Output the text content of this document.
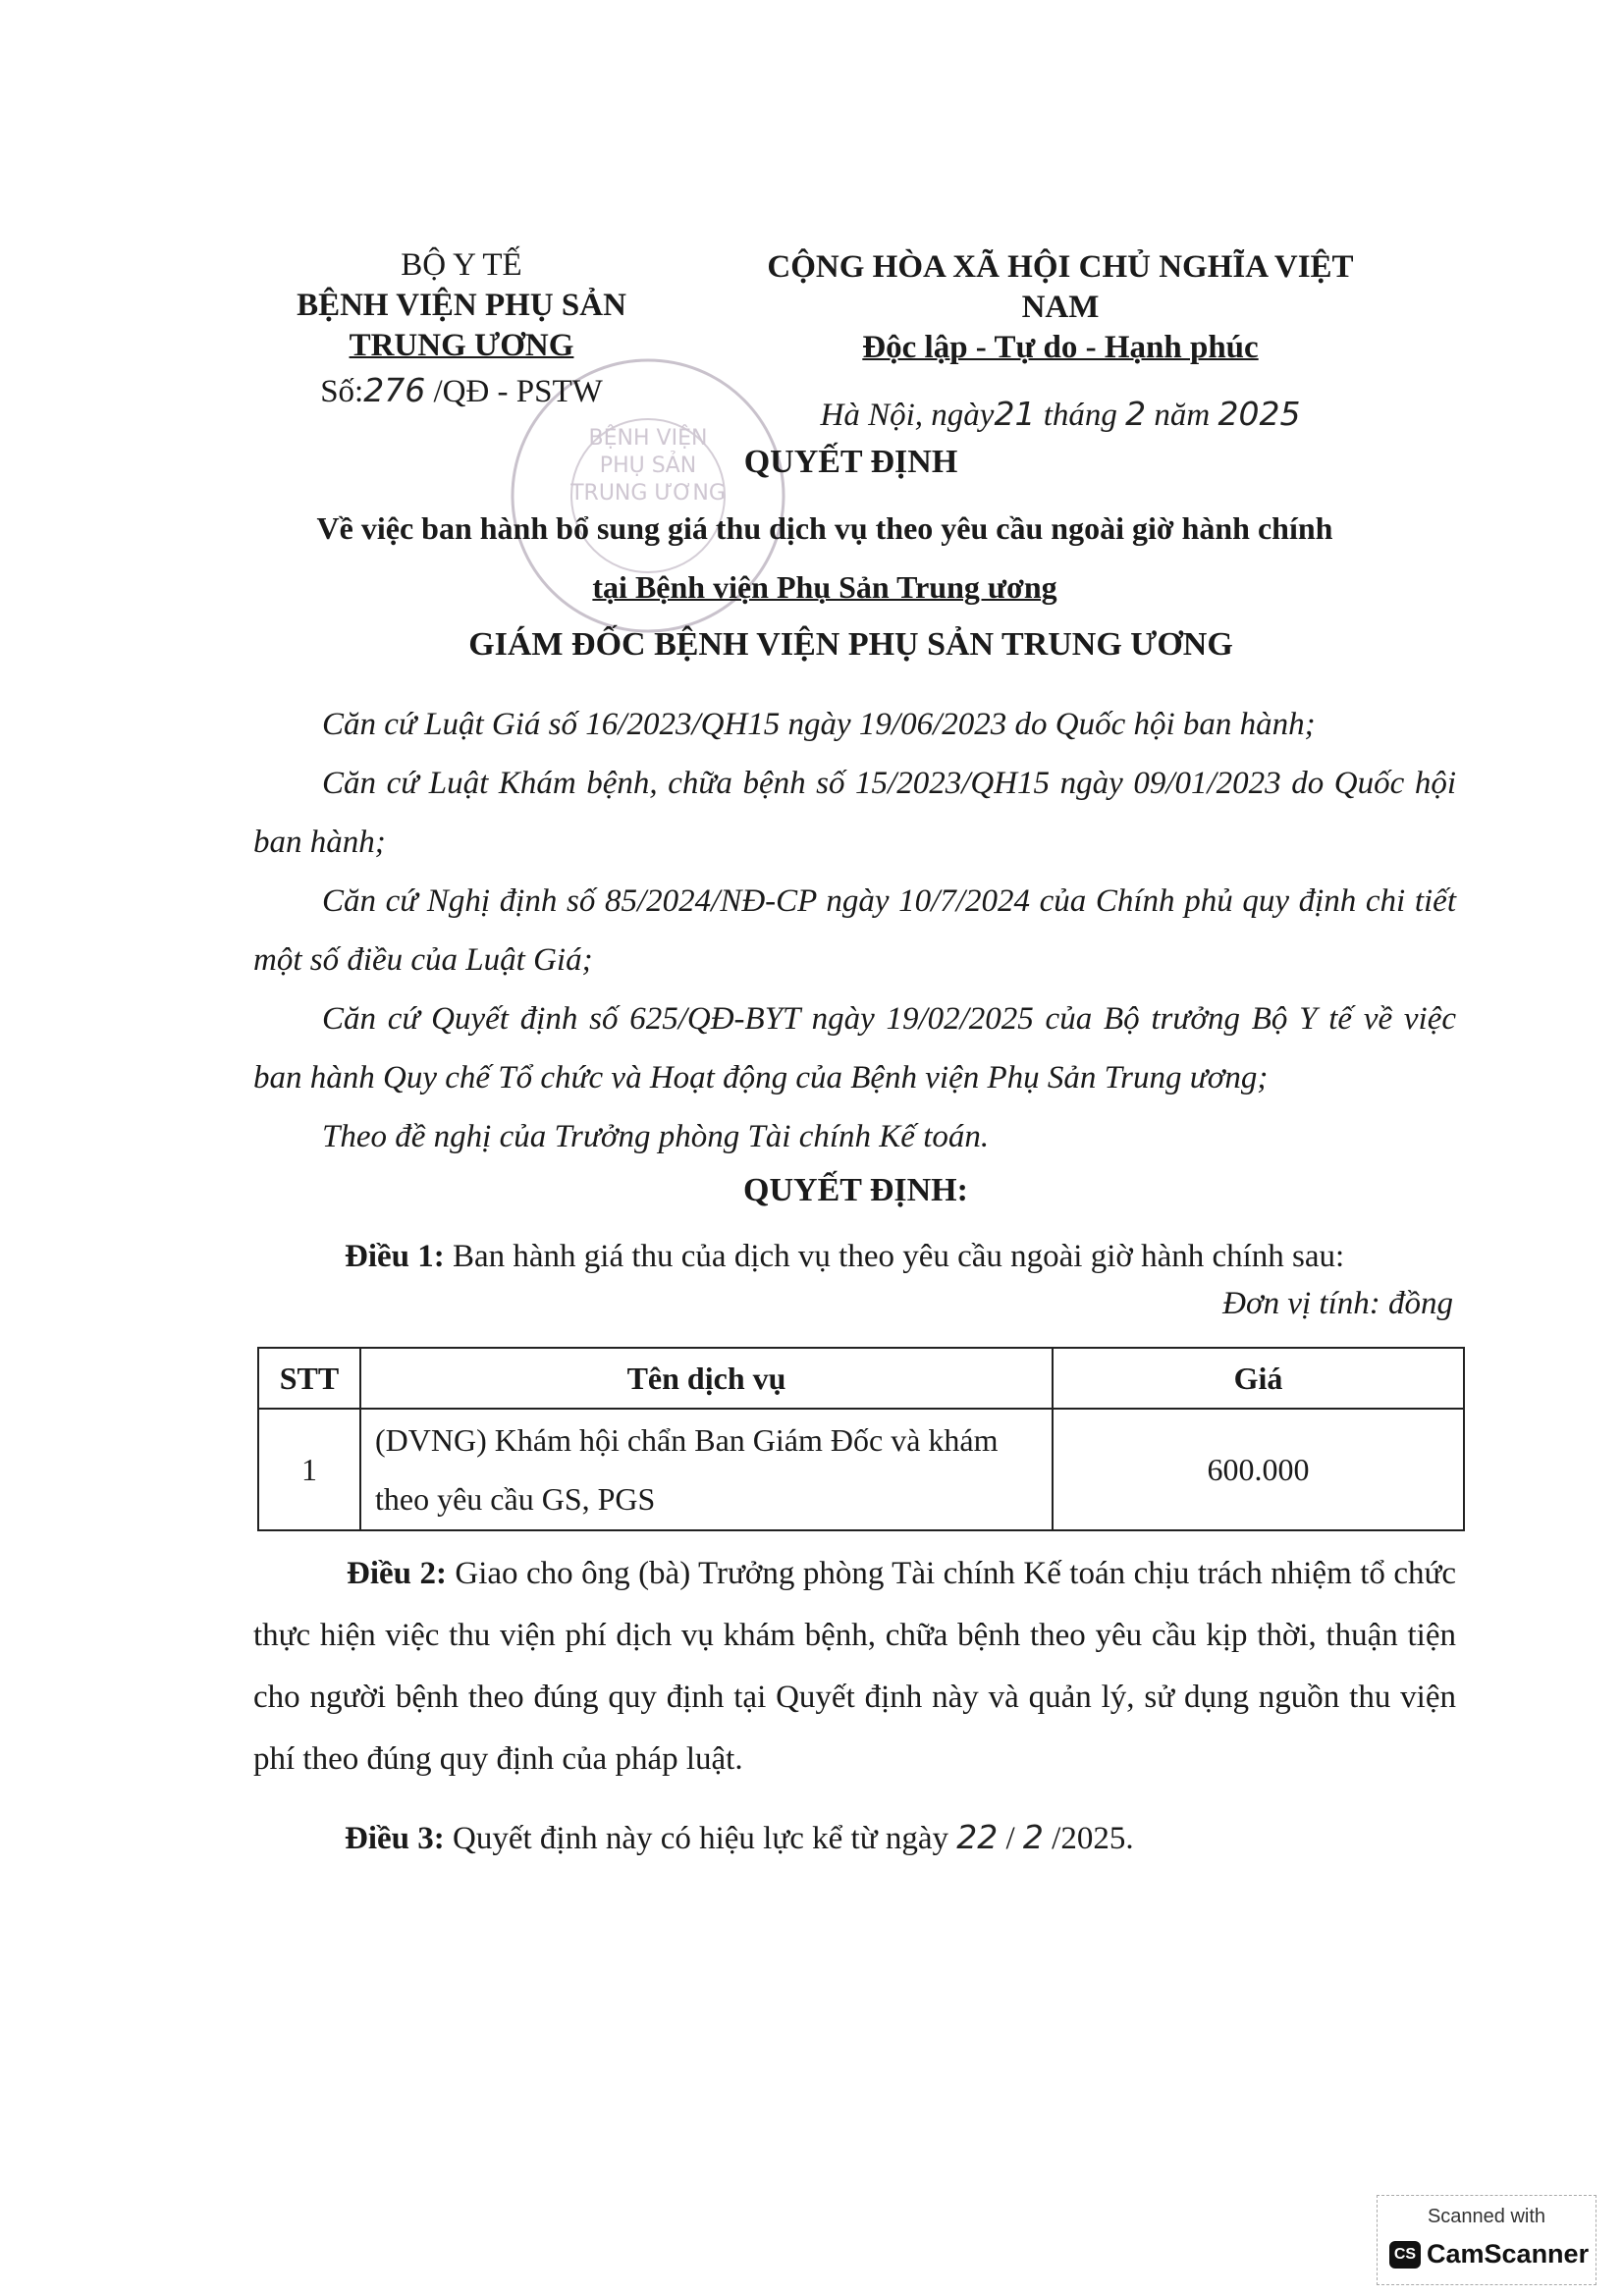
BỆNH VIỆN
PHỤ SẢN
TRUNG ƯƠNG
BỘ Y TẾ
BỆNH VIỆN PHỤ SẢN
TRUNG ƯƠNG
Số:276 /QĐ - PSTW
CỘNG HÒA XÃ HỘI CHỦ NGHĨA VIỆT NAM
Độc lập - Tự do - Hạnh phúc
Hà Nội, ngày21 tháng 2 năm 2025
QUYẾT ĐỊNH
Về việc ban hành bổ sung giá thu dịch vụ theo yêu cầu ngoài giờ hành chính
tại Bệnh viện Phụ Sản Trung ương
GIÁM ĐỐC BỆNH VIỆN PHỤ SẢN TRUNG ƯƠNG
Căn cứ Luật Giá số 16/2023/QH15 ngày 19/06/2023 do Quốc hội ban hành;
Căn cứ Luật Khám bệnh, chữa bệnh số 15/2023/QH15 ngày 09/01/2023 do Quốc hội ban hành;
Căn cứ Nghị định số 85/2024/NĐ-CP ngày 10/7/2024 của Chính phủ quy định chi tiết một số điều của Luật Giá;
Căn cứ Quyết định số 625/QĐ-BYT ngày 19/02/2025 của Bộ trưởng Bộ Y tế về việc ban hành Quy chế Tổ chức và Hoạt động của Bệnh viện Phụ Sản Trung ương;
Theo đề nghị của Trưởng phòng Tài chính Kế toán.
QUYẾT ĐỊNH:
Điều 1: Ban hành giá thu của dịch vụ theo yêu cầu ngoài giờ hành chính sau:
Đơn vị tính: đồng
STT	Tên dịch vụ	Giá
1	(DVNG) Khám hội chẩn Ban Giám Đốc và khám theo yêu cầu GS, PGS	600.000
Điều 2: Giao cho ông (bà) Trưởng phòng Tài chính Kế toán chịu trách nhiệm tổ chức thực hiện việc thu viện phí dịch vụ khám bệnh, chữa bệnh theo yêu cầu kịp thời, thuận tiện cho người bệnh theo đúng quy định tại Quyết định này và quản lý, sử dụng nguồn thu viện phí theo đúng quy định của pháp luật.
Điều 3: Quyết định này có hiệu lực kể từ ngày 22 / 2 /2025.
Scanned with
CS CamScanner
